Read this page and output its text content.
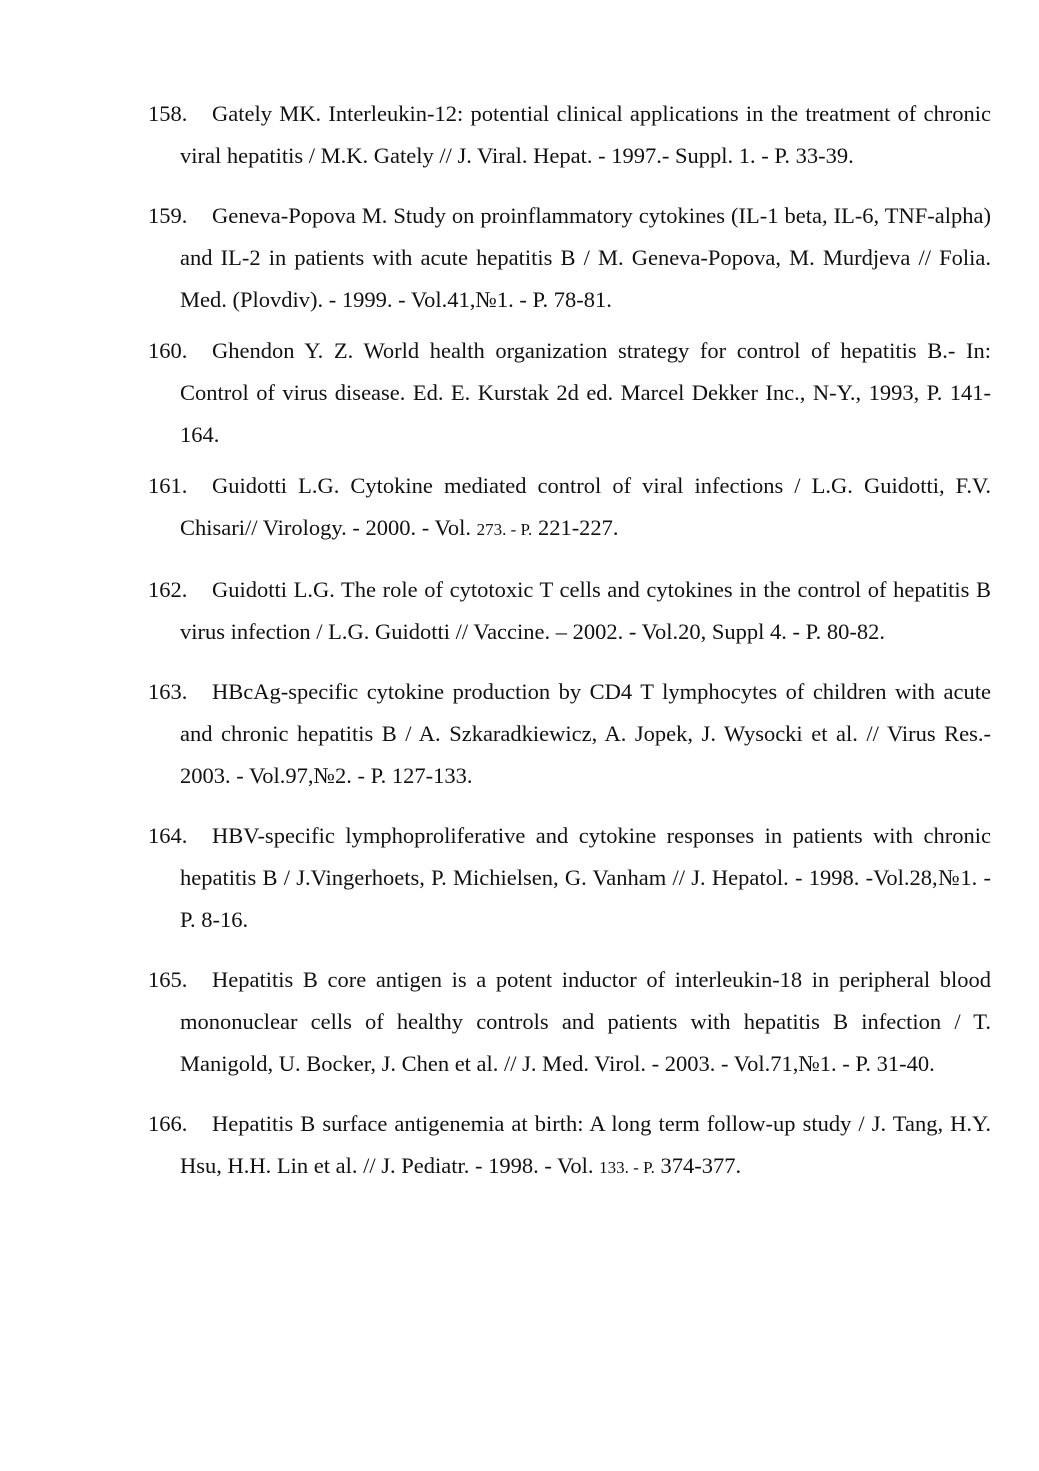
158.	Gately MK. Interleukin-12: potential clinical applications in the treatment of chronic viral hepatitis / M.K. Gately // J. Viral. Hepat. - 1997.- Suppl. 1. - P. 33-39.
159.	Geneva-Popova M. Study on proinflammatory cytokines (IL-1 beta, IL-6, TNF-alpha) and IL-2 in patients with acute hepatitis B / M. Geneva-Popova, M. Murdjeva // Folia. Med. (Plovdiv). - 1999. - Vol.41,№1. - P. 78-81.
160.	Ghendon Y. Z. World health organization strategy for control of hepatitis B.- In: Control of virus disease. Ed. E. Kurstak 2d ed. Marcel Dekker Inc., N-Y., 1993, P. 141-164.
161.	Guidotti L.G. Cytokine mediated control of viral infections / L.G. Guidotti, F.V. Chisari// Virology. - 2000. - Vol. 273. - P. 221-227.
162.	Guidotti L.G. The role of cytotoxic T cells and cytokines in the control of hepatitis B virus infection / L.G. Guidotti // Vaccine. – 2002. - Vol.20, Suppl 4. - P. 80-82.
163.	HBcAg-specific cytokine production by CD4 T lymphocytes of children with acute and chronic hepatitis B / A. Szkaradkiewicz, A. Jopek, J. Wysocki et al. // Virus Res.- 2003. - Vol.97,№2. - P. 127-133.
164.	HBV-specific lymphoproliferative and cytokine responses in patients with chronic hepatitis B / J.Vingerhoets, P. Michielsen, G. Vanham // J. Hepatol. - 1998. -Vol.28,№1. - P. 8-16.
165.	Hepatitis B core antigen is a potent inductor of interleukin-18 in peripheral blood mononuclear cells of healthy controls and patients with hepatitis B infection / T. Manigold, U. Bocker, J. Chen et al. // J. Med. Virol. - 2003. - Vol.71,№1. - P. 31-40.
166.	Hepatitis B surface antigenemia at birth: A long term follow-up study / J. Tang, H.Y. Hsu, H.H. Lin et al. // J. Pediatr. - 1998. - Vol. 133. - P. 374-377.
